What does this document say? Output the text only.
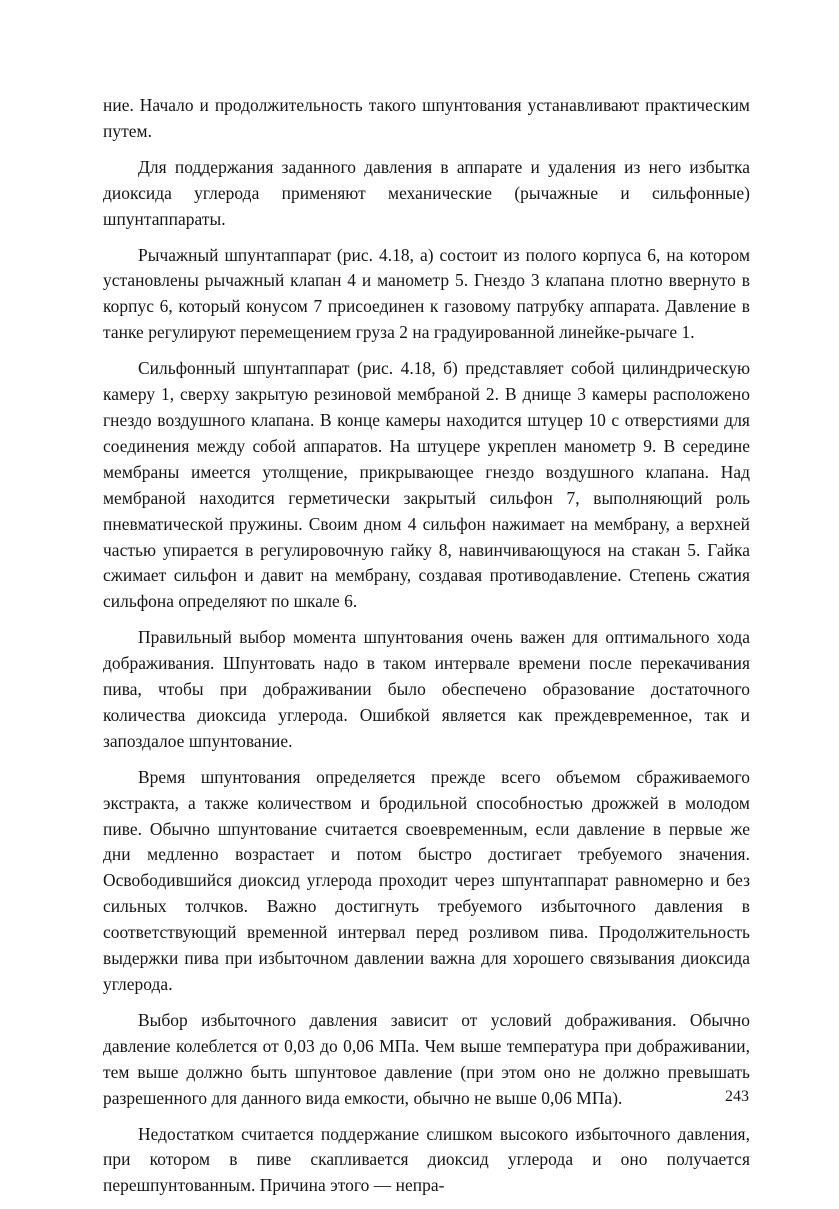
ние. Начало и продолжительность такого шпунтования устанавливают практическим путем.

Для поддержания заданного давления в аппарате и удаления из него избытка диоксида углерода применяют механические (рычажные и сильфонные) шпунтаппараты.

Рычажный шпунтаппарат (рис. 4.18, а) состоит из полого корпуса 6, на котором установлены рычажный клапан 4 и манометр 5. Гнездо 3 клапана плотно ввернуто в корпус 6, который конусом 7 присоединен к газовому патрубку аппарата. Давление в танке регулируют перемещением груза 2 на градуированной линейке-рычаге 1.

Сильфонный шпунтаппарат (рис. 4.18, б) представляет собой цилиндрическую камеру 1, сверху закрытую резиновой мембраной 2. В днище 3 камеры расположено гнездо воздушного клапана. В конце камеры находится штуцер 10 с отверстиями для соединения между собой аппаратов. На штуцере укреплен манометр 9. В середине мембраны имеется утолщение, прикрывающее гнездо воздушного клапана. Над мембраной находится герметически закрытый сильфон 7, выполняющий роль пневматической пружины. Своим дном 4 сильфон нажимает на мембрану, а верхней частью упирается в регулировочную гайку 8, навинчивающуюся на стакан 5. Гайка сжимает сильфон и давит на мембрану, создавая противодавление. Степень сжатия сильфона определяют по шкале 6.

Правильный выбор момента шпунтования очень важен для оптимального хода дображивания. Шпунтовать надо в таком интервале времени после перекачивания пива, чтобы при дображивании было обеспечено образование достаточного количества диоксида углерода. Ошибкой является как преждевременное, так и запоздалое шпунтование.

Время шпунтования определяется прежде всего объемом сбраживаемого экстракта, а также количеством и бродильной способностью дрожжей в молодом пиве. Обычно шпунтование считается своевременным, если давление в первые же дни медленно возрастает и потом быстро достигает требуемого значения. Освободившийся диоксид углерода проходит через шпунтаппарат равномерно и без сильных толчков. Важно достигнуть требуемого избыточного давления в соответствующий временной интервал перед розливом пива. Продолжительность выдержки пива при избыточном давлении важна для хорошего связывания диоксида углерода.

Выбор избыточного давления зависит от условий дображивания. Обычно давление колеблется от 0,03 до 0,06 МПа. Чем выше температура при дображивании, тем выше должно быть шпунтовое давление (при этом оно не должно превышать разрешенного для данного вида емкости, обычно не выше 0,06 МПа).

Недостатком считается поддержание слишком высокого избыточного давления, при котором в пиве скапливается диоксид углерода и оно получается перешпунтованным. Причина этого — непра-

243
